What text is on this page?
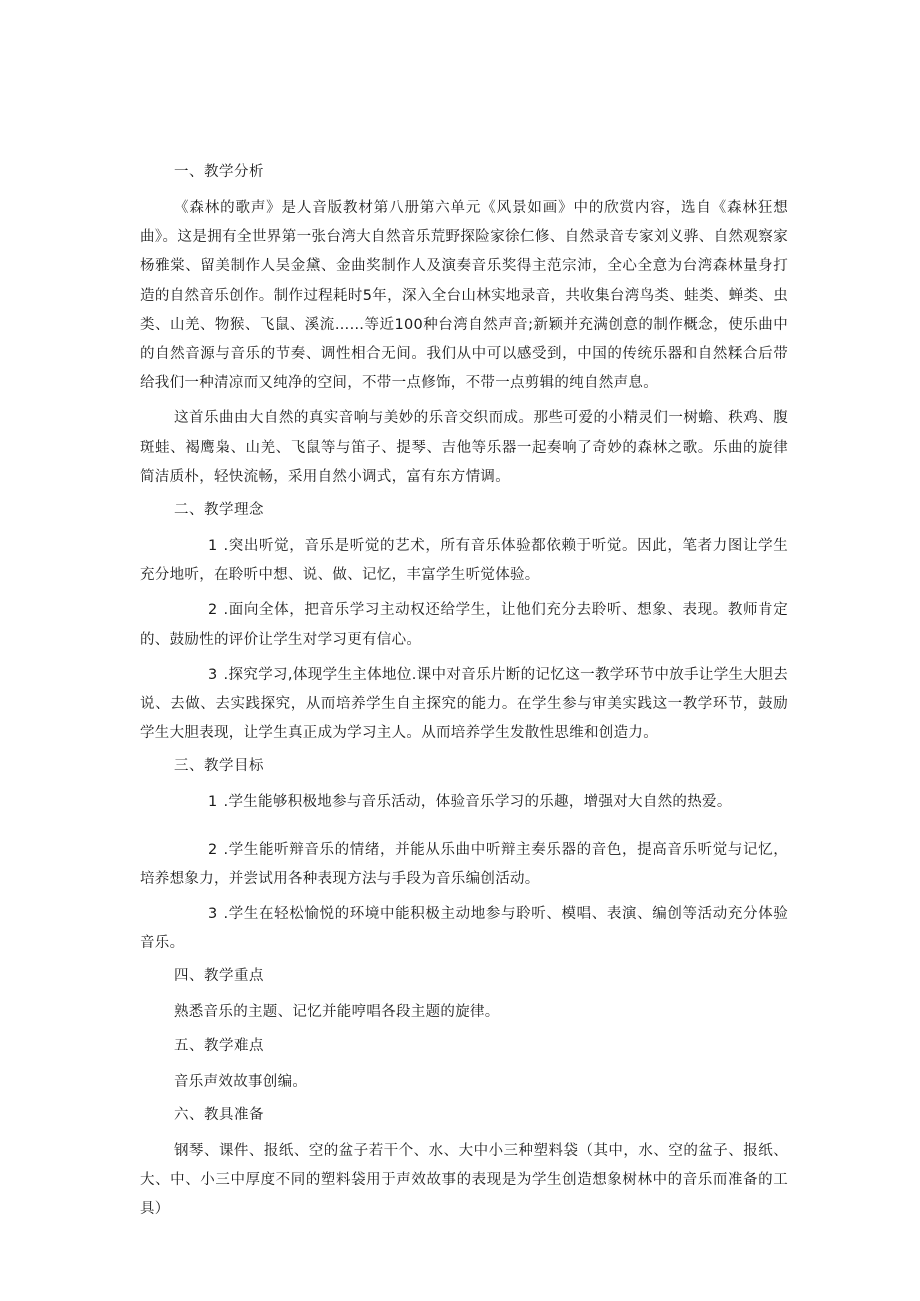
一、教学分析

《森林的歌声》是人音版教材第八册第六单元《风景如画》中的欣赏内容，选自《森林狂想曲》。这是拥有全世界第一张台湾大自然音乐荒野探险家徐仁修、自然录音专家刘义骅、自然观察家杨雅棠、留美制作人吴金黛、金曲奖制作人及演奏音乐奖得主范宗沛，全心全意为台湾森林量身打造的自然音乐创作。制作过程耗时5年，深入全台山林实地录音，共收集台湾鸟类、蛙类、蝉类、虫类、山羌、物猴、飞鼠、溪流……等近100种台湾自然声音;新颖并充满创意的制作概念，使乐曲中的自然音源与音乐的节奏、调性相合无间。我们从中可以感受到，中国的传统乐器和自然糅合后带给我们一种清凉而又纯净的空间，不带一点修饰，不带一点剪辑的纯自然声息。

这首乐曲由大自然的真实音响与美妙的乐音交织而成。那些可爱的小精灵们一树蟾、秩鸡、腹斑蛙、褐鹰枭、山羌、飞鼠等与笛子、提琴、吉他等乐器一起奏响了奇妙的森林之歌。乐曲的旋律简洁质朴，轻快流畅，采用自然小调式，富有东方情调。

二、教学理念

1 .突出听觉，音乐是听觉的艺术，所有音乐体验都依赖于听觉。因此，笔者力图让学生充分地听，在聆听中想、说、做、记忆，丰富学生听觉体验。

2 .面向全体，把音乐学习主动权还给学生，让他们充分去聆听、想象、表现。教师肯定的、鼓励性的评价让学生对学习更有信心。

3 .探究学习,体现学生主体地位.课中对音乐片断的记忆这一教学环节中放手让学生大胆去说、去做、去实践探究，从而培养学生自主探究的能力。在学生参与审美实践这一教学环节，鼓励学生大胆表现，让学生真正成为学习主人。从而培养学生发散性思维和创造力。

三、教学目标

1 .学生能够积极地参与音乐活动，体验音乐学习的乐趣，增强对大自然的热爱。

2 .学生能听辩音乐的情绪，并能从乐曲中听辩主奏乐器的音色，提高音乐听觉与记忆，培养想象力，并尝试用各种表现方法与手段为音乐编创活动。

3 .学生在轻松愉悦的环境中能积极主动地参与聆听、模唱、表演、编创等活动充分体验音乐。

四、教学重点

熟悉音乐的主题、记忆并能哼唱各段主题的旋律。

五、教学难点

音乐声效故事创编。

六、教具准备

钢琴、课件、报纸、空的盆子若干个、水、大中小三种塑料袋（其中，水、空的盆子、报纸、大、中、小三中厚度不同的塑料袋用于声效故事的表现是为学生创造想象树林中的音乐而准备的工具）
